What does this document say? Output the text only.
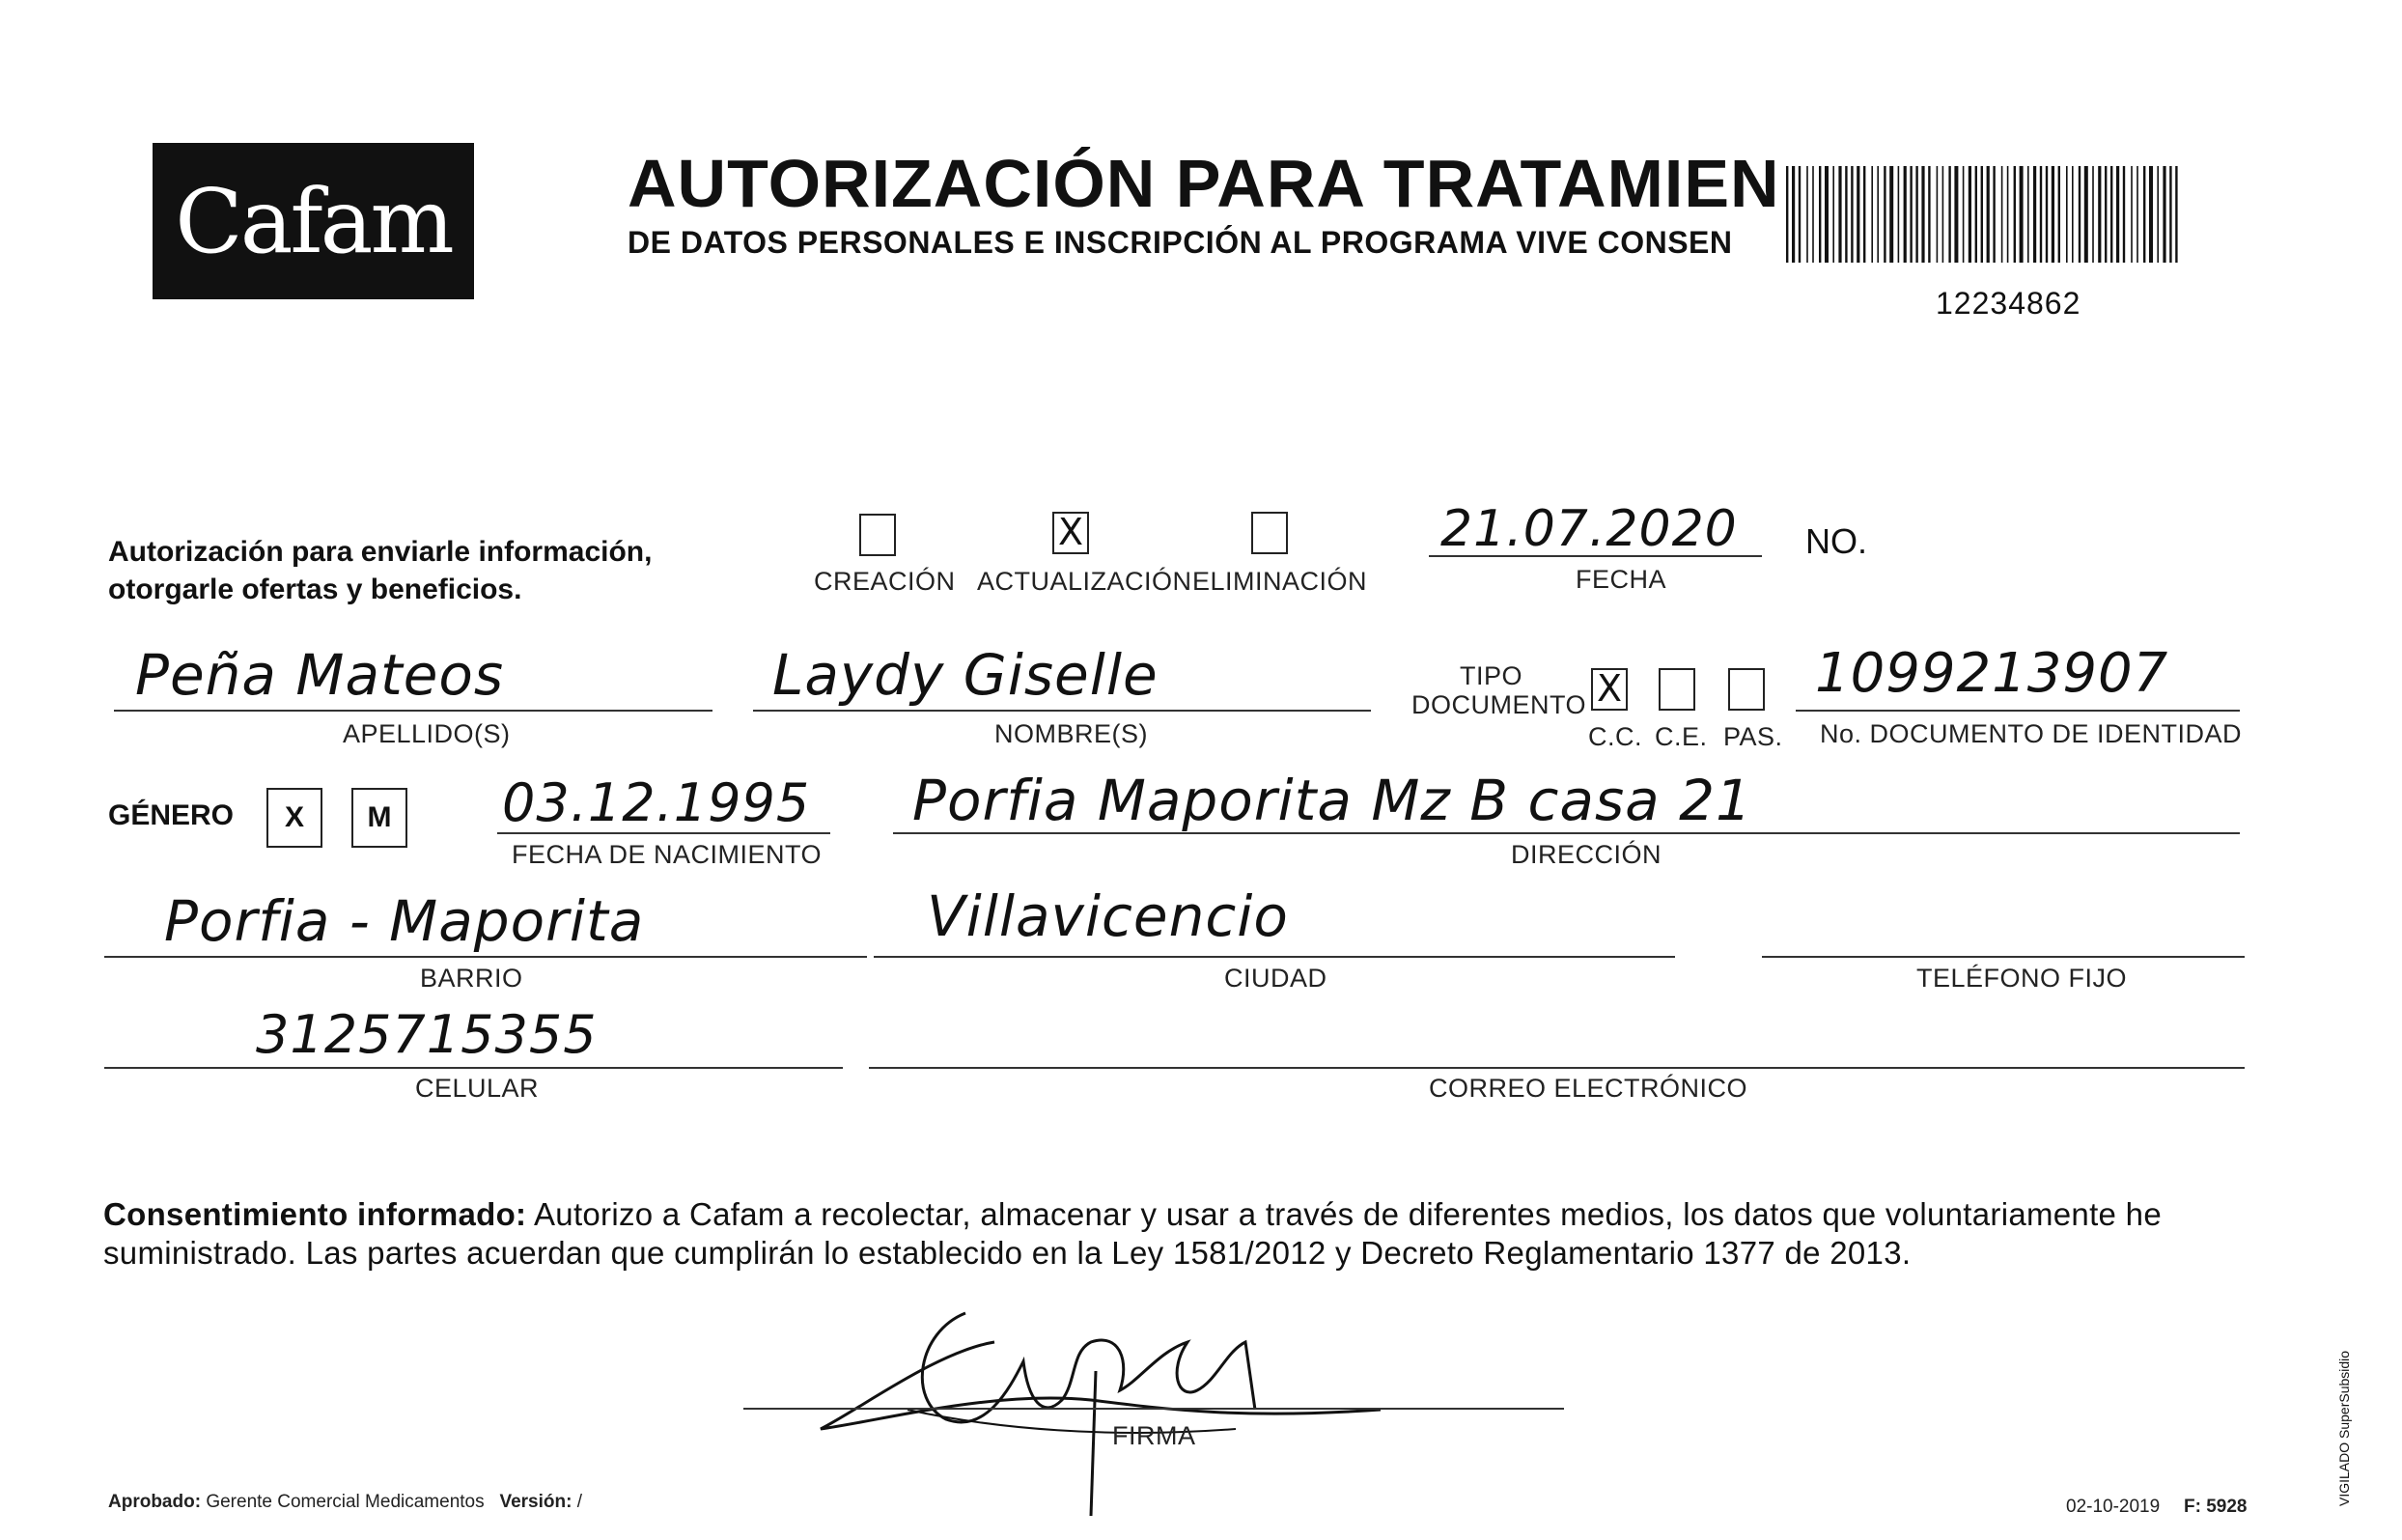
Cafam	AUTORIZACIÓN PARA TRATAMIEN
DE DATOS PERSONALES E INSCRIPCIÓN AL PROGRAMA VIVE CONSEN
12234862
Autorización para enviarle información,
otorgarle ofertas y beneficios.	CREACIÓN
X
ACTUALIZACIÓN ELIMINACIÓN
21.07.2020
FECHA
NO.
Peña Mateos
APELLIDO(S)
Laydy Giselle
NOMBRE(S)
TIPO
DOCUMENTO X
C.C. C.E. PAS.
1099213907
No. DOCUMENTO DE IDENTIDAD
GÉNERO	X	M	03.12.1995
FECHA DE NACIMIENTO
Porfia Maporita Mz B casa 21
DIRECCIÓN
Porfia - Maporita
BARRIO
Villavicencio
CIUDAD	TELÉFONO FIJO
3125715355
CELULAR	CORREO ELECTRÓNICO
Consentimiento informado: Autorizo a Cafam a recolectar, almacenar y usar a través de diferentes medios, los datos que voluntariamente he suministrado. Las partes acuerdan que cumplirán lo establecido en la Ley 1581/2012 y Decreto Reglamentario 1377 de 2013.
FIRMA
Aprobado: Gerente Comercial Medicamentos Versión: /	02-10-2019 F: 5928
VIGILADO SuperSubsidio
